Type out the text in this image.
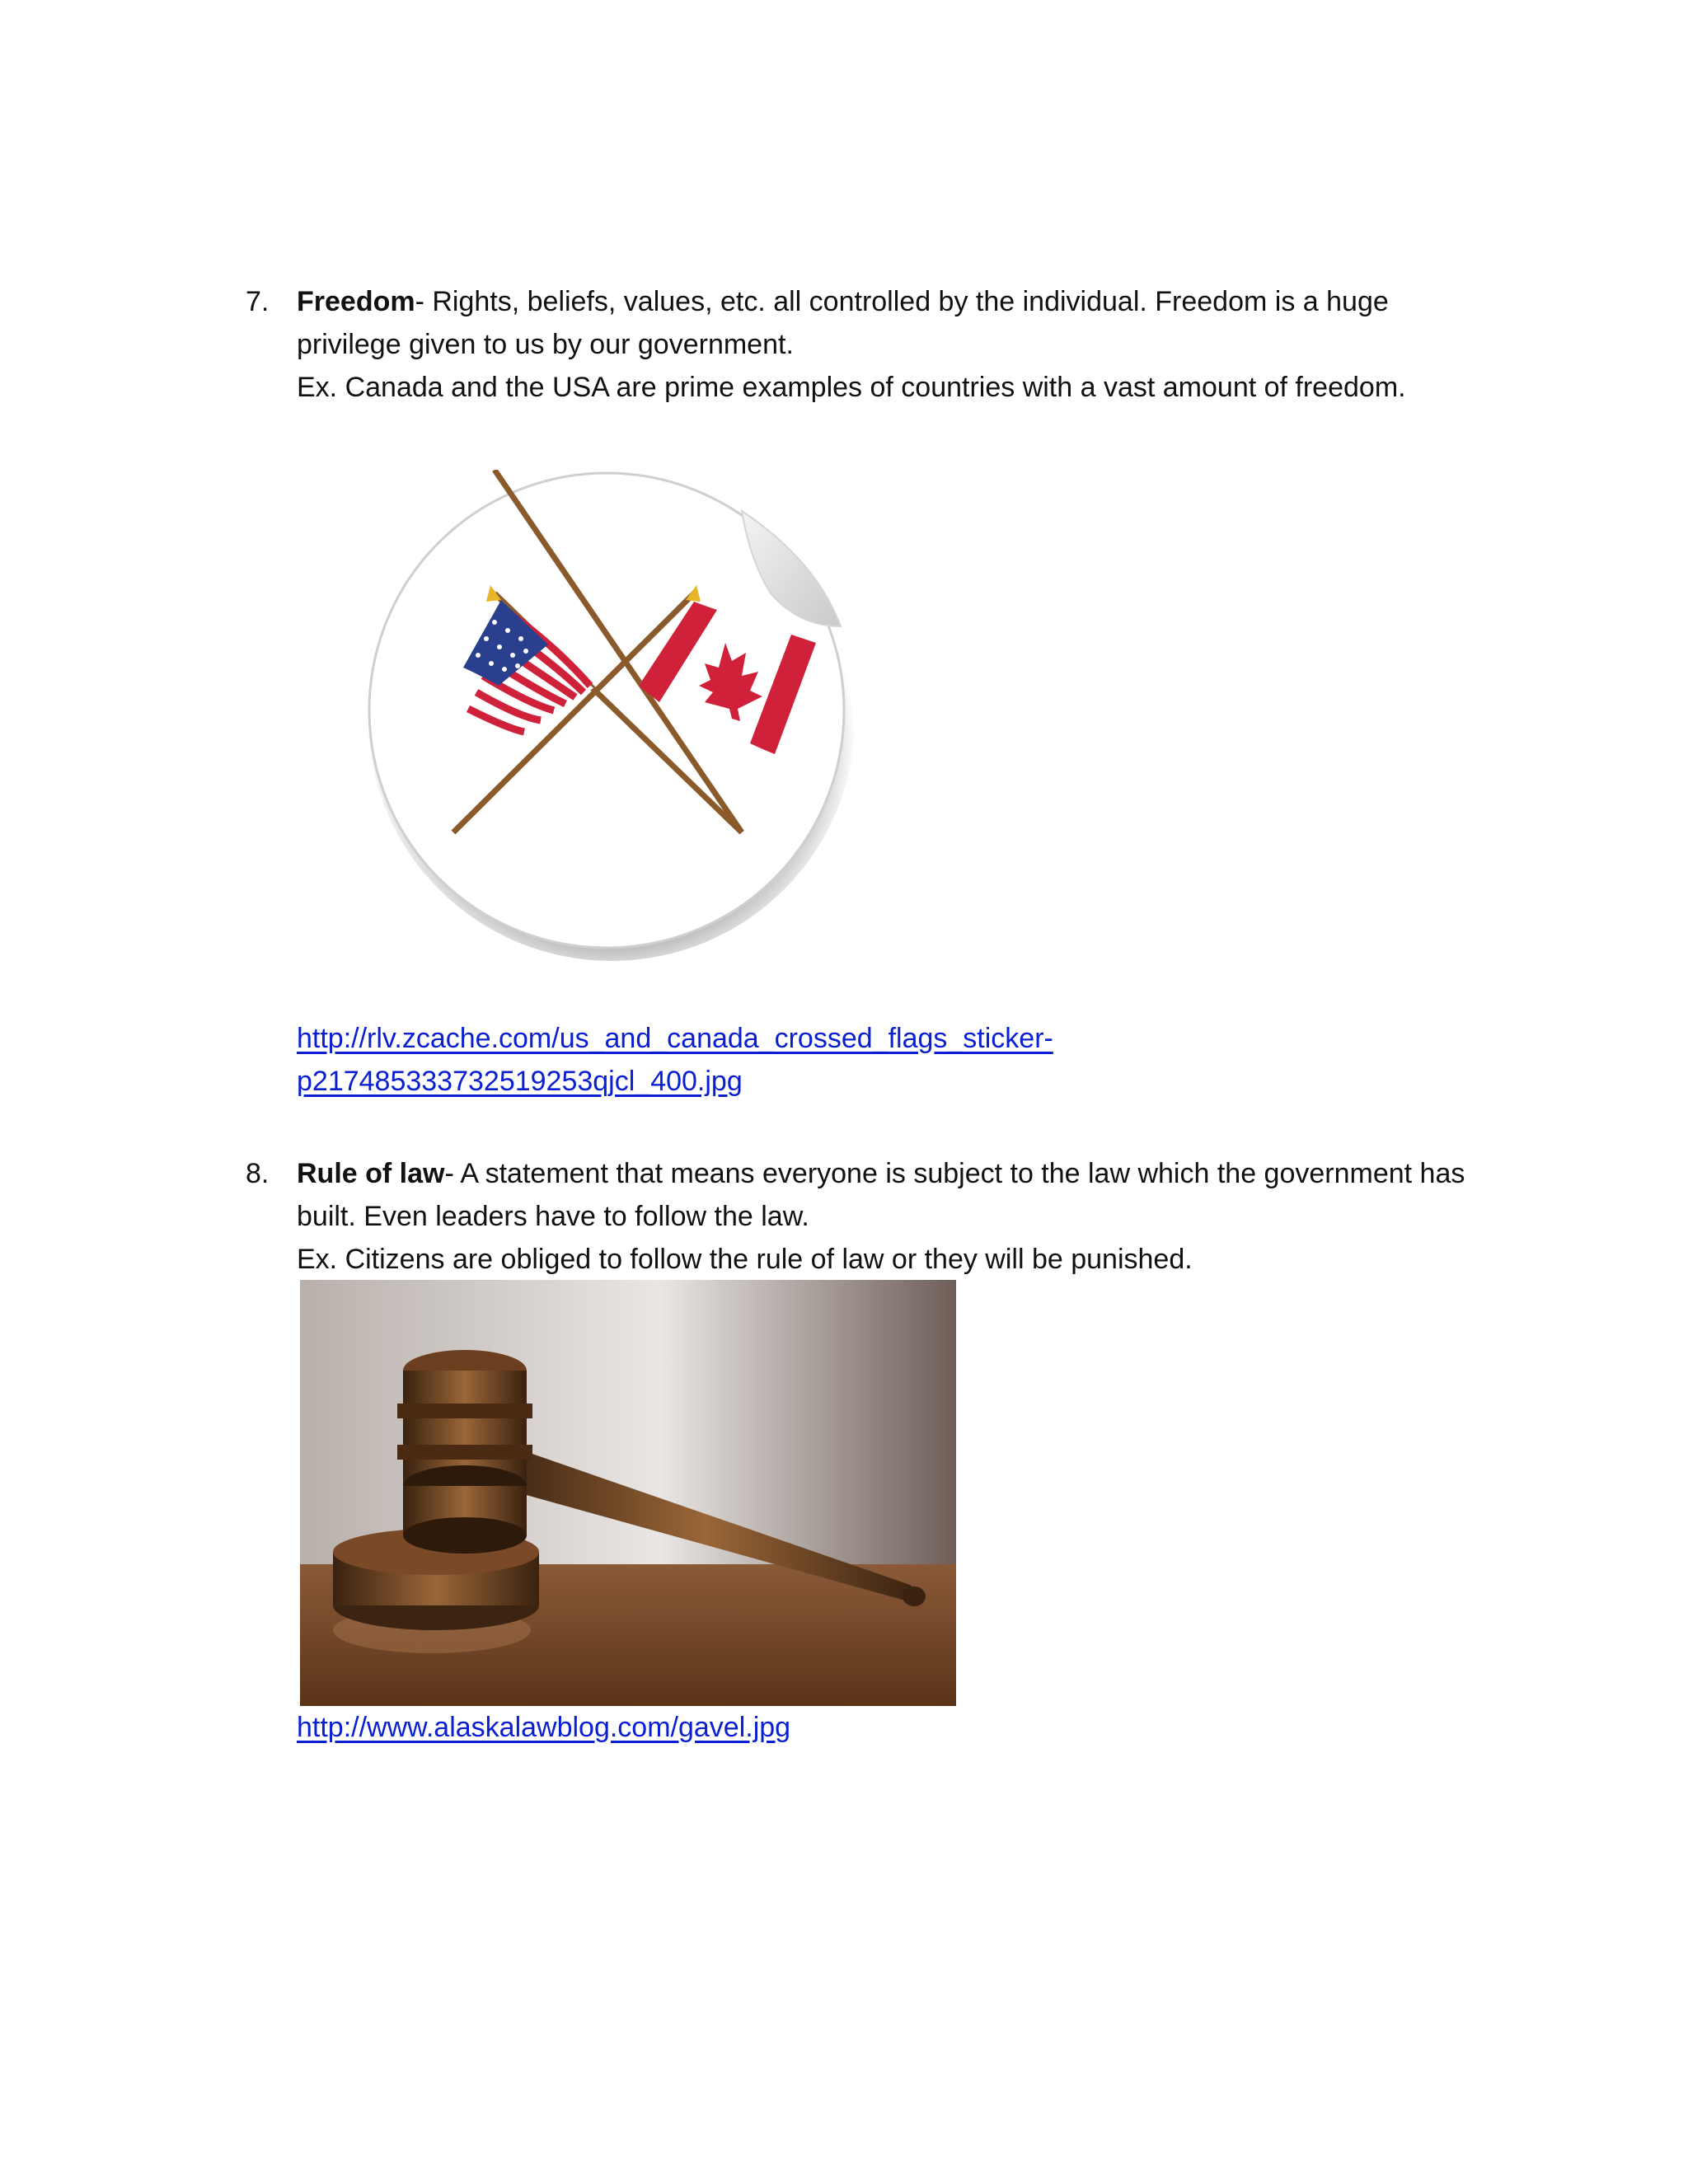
7. Freedom- Rights, beliefs, values, etc. all controlled by the individual. Freedom is a huge privilege given to us by our government.
Ex. Canada and the USA are prime examples of countries with a vast amount of freedom.
http://rlv.zcache.com/us_and_canada_crossed_flags_sticker-
p217485333732519253qjcl_400.jpg
8. Rule of law- A statement that means everyone is subject to the law which the government has built. Even leaders have to follow the law.
Ex. Citizens are obliged to follow the rule of law or they will be punished.
http://www.alaskalawblog.com/gavel.jpg
